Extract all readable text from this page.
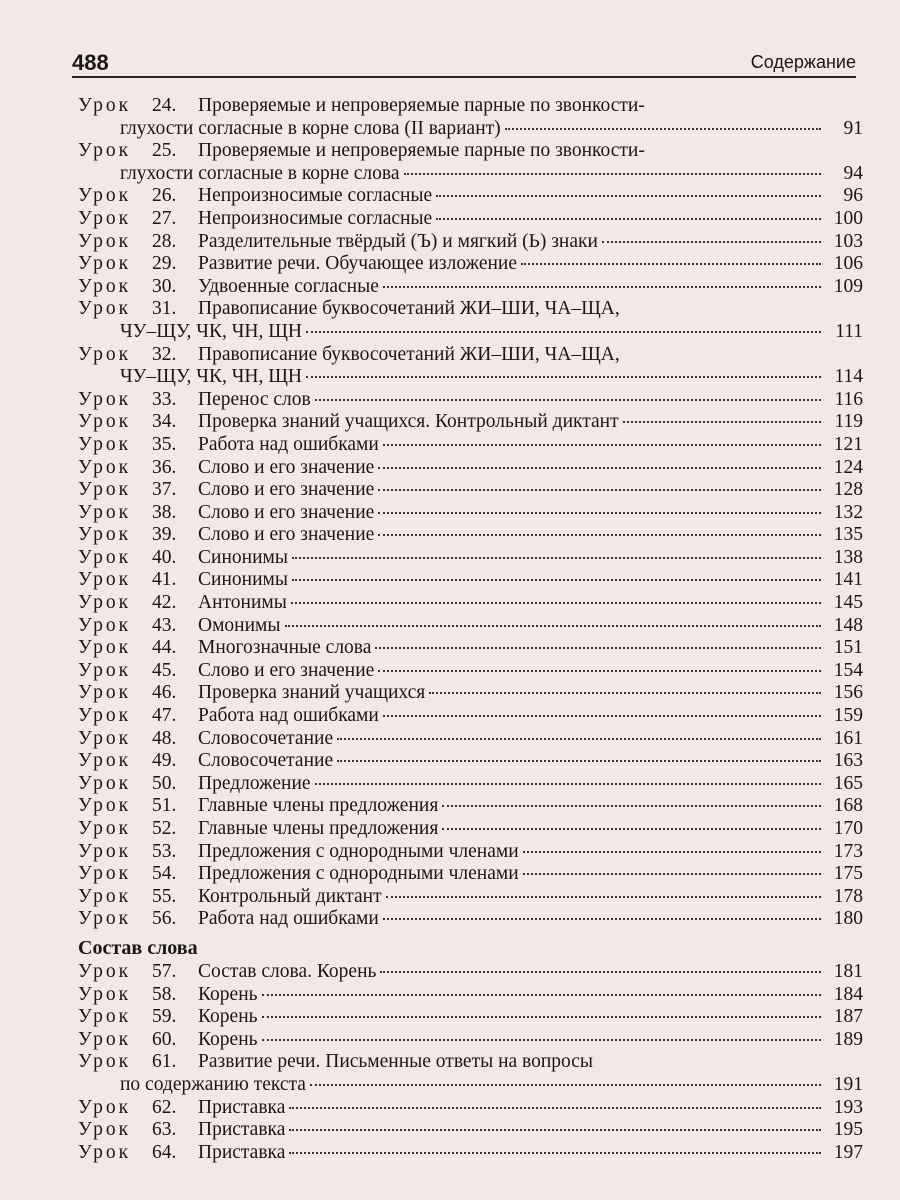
488	Содержание
Урок	24.	Проверяемые и непроверяемые парные по звонкости-
глухости согласные в корне слова (II вариант)	91
Урок	25.	Проверяемые и непроверяемые парные по звонкости-
глухости согласные в корне слова	94
Урок	26.	Непроизносимые согласные	96
Урок	27.	Непроизносимые согласные	100
Урок	28.	Разделительные твёрдый (Ъ) и мягкий (Ь) знаки	103
Урок	29.	Развитие речи. Обучающее изложение	106
Урок	30.	Удвоенные согласные	109
Урок	31.	Правописание буквосочетаний ЖИ–ШИ, ЧА–ЩА,
ЧУ–ЩУ, ЧК, ЧН, ЩН	111
Урок	32.	Правописание буквосочетаний ЖИ–ШИ, ЧА–ЩА,
ЧУ–ЩУ, ЧК, ЧН, ЩН	114
Урок	33.	Перенос слов	116
Урок	34.	Проверка знаний учащихся. Контрольный диктант	119
Урок	35.	Работа над ошибками	121
Урок	36.	Слово и его значение	124
Урок	37.	Слово и его значение	128
Урок	38.	Слово и его значение	132
Урок	39.	Слово и его значение	135
Урок	40.	Синонимы	138
Урок	41.	Синонимы	141
Урок	42.	Антонимы	145
Урок	43.	Омонимы	148
Урок	44.	Многозначные слова	151
Урок	45.	Слово и его значение	154
Урок	46.	Проверка знаний учащихся	156
Урок	47.	Работа над ошибками	159
Урок	48.	Словосочетание	161
Урок	49.	Словосочетание	163
Урок	50.	Предложение	165
Урок	51.	Главные члены предложения	168
Урок	52.	Главные члены предложения	170
Урок	53.	Предложения с однородными членами	173
Урок	54.	Предложения с однородными членами	175
Урок	55.	Контрольный диктант	178
Урок	56.	Работа над ошибками	180
Состав слова
Урок	57.	Состав слова. Корень	181
Урок	58.	Корень	184
Урок	59.	Корень	187
Урок	60.	Корень	189
Урок	61.	Развитие речи. Письменные ответы на вопросы
по содержанию текста	191
Урок	62.	Приставка	193
Урок	63.	Приставка	195
Урок	64.	Приставка	197
